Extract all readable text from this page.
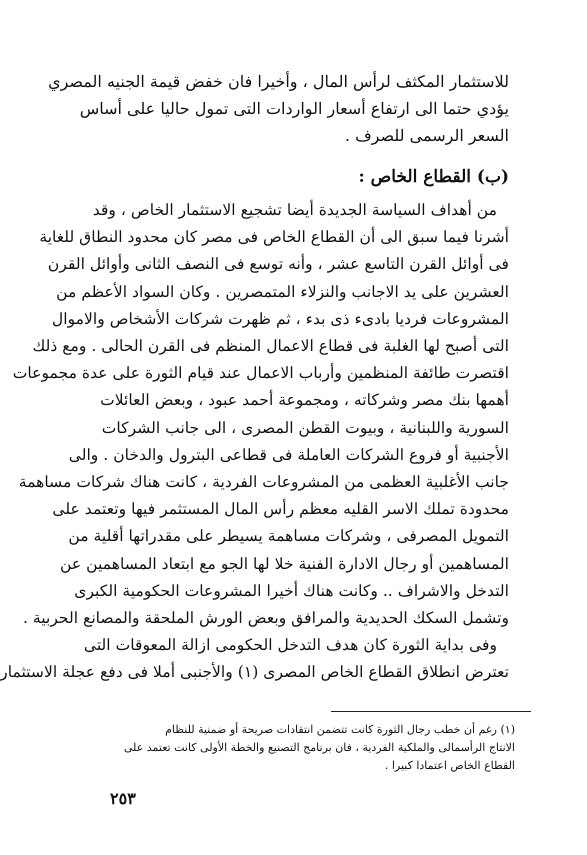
للاستثمار المكثف لرأس المال ، وأخيرا فان خفض قيمة الجنيه المصري
يؤدي حتما الى ارتفاع أسعار الواردات التى تمول حاليا على أساس
السعر الرسمى للصرف .
(ب) القطاع الخاص :
من أهداف السياسة الجديدة أيضا تشجيع الاستثمار الخاص ، وقد
أشرنا فيما سبق الى أن القطاع الخاص فى مصر كان محدود النطاق للغاية
فى أوائل القرن التاسع عشر ، وأنه توسع فى النصف الثانى وأوائل القرن
العشرين على يد الاجانب والنزلاء المتمصرين . وكان السواد الأعظم من
المشروعات فرديا بادىء ذى بدء ، ثم ظهرت شركات الأشخاص والاموال
التى أصبح لها الغلبة فى قطاع الاعمال المنظم فى القرن الحالى . ومع ذلك
اقتصرت طائفة المنظمين وأرباب الاعمال عند قيام الثورة على عدة مجموعات
أهمها بنك مصر وشركاته ، ومجموعة أحمد عبود ، وبعض العائلات
السورية واللبنانية ، وبيوت القطن المصرى ، الى جانب الشركات
الأجنبية أو فروع الشركات العاملة فى قطاعى البترول والدخان . والى
جانب الأغلبية العظمى من المشروعات الفردية ، كانت هناك شركات مساهمة
محدودة تملك الاسر القليه معظم رأس المال المستثمر فيها وتعتمد على
التمويل المصرفى ، وشركات مساهمة يسيطر على مقدراتها أقلية من
المساهمين أو رجال الادارة الفنية خلا لها الجو مع ابتعاد المساهمين عن
التدخل والاشراف .. وكانت هناك أخيرا المشروعات الحكومية الكبرى
وتشمل السكك الحديدية والمرافق وبعض الورش الملحقة والمصانع الحربية .
وفى بداية الثورة كان هدف التدخل الحكومى ازالة المعوقات التى
تعترض انطلاق القطاع الخاص المصرى (١) والأجنبى أملا فى دفع عجلة الاستثمار
(١) رغم أن خطب رجال الثورة كانت تتضمن انتقادات صريحة أو ضمنية للنظام
الانتاج الرأسمالى والملكية الفردية ، فان برنامج التصنيع والخطة الأولى كانت تعتمد على
القطاع الخاص اعتمادا كبيرا .
٢٥٣
